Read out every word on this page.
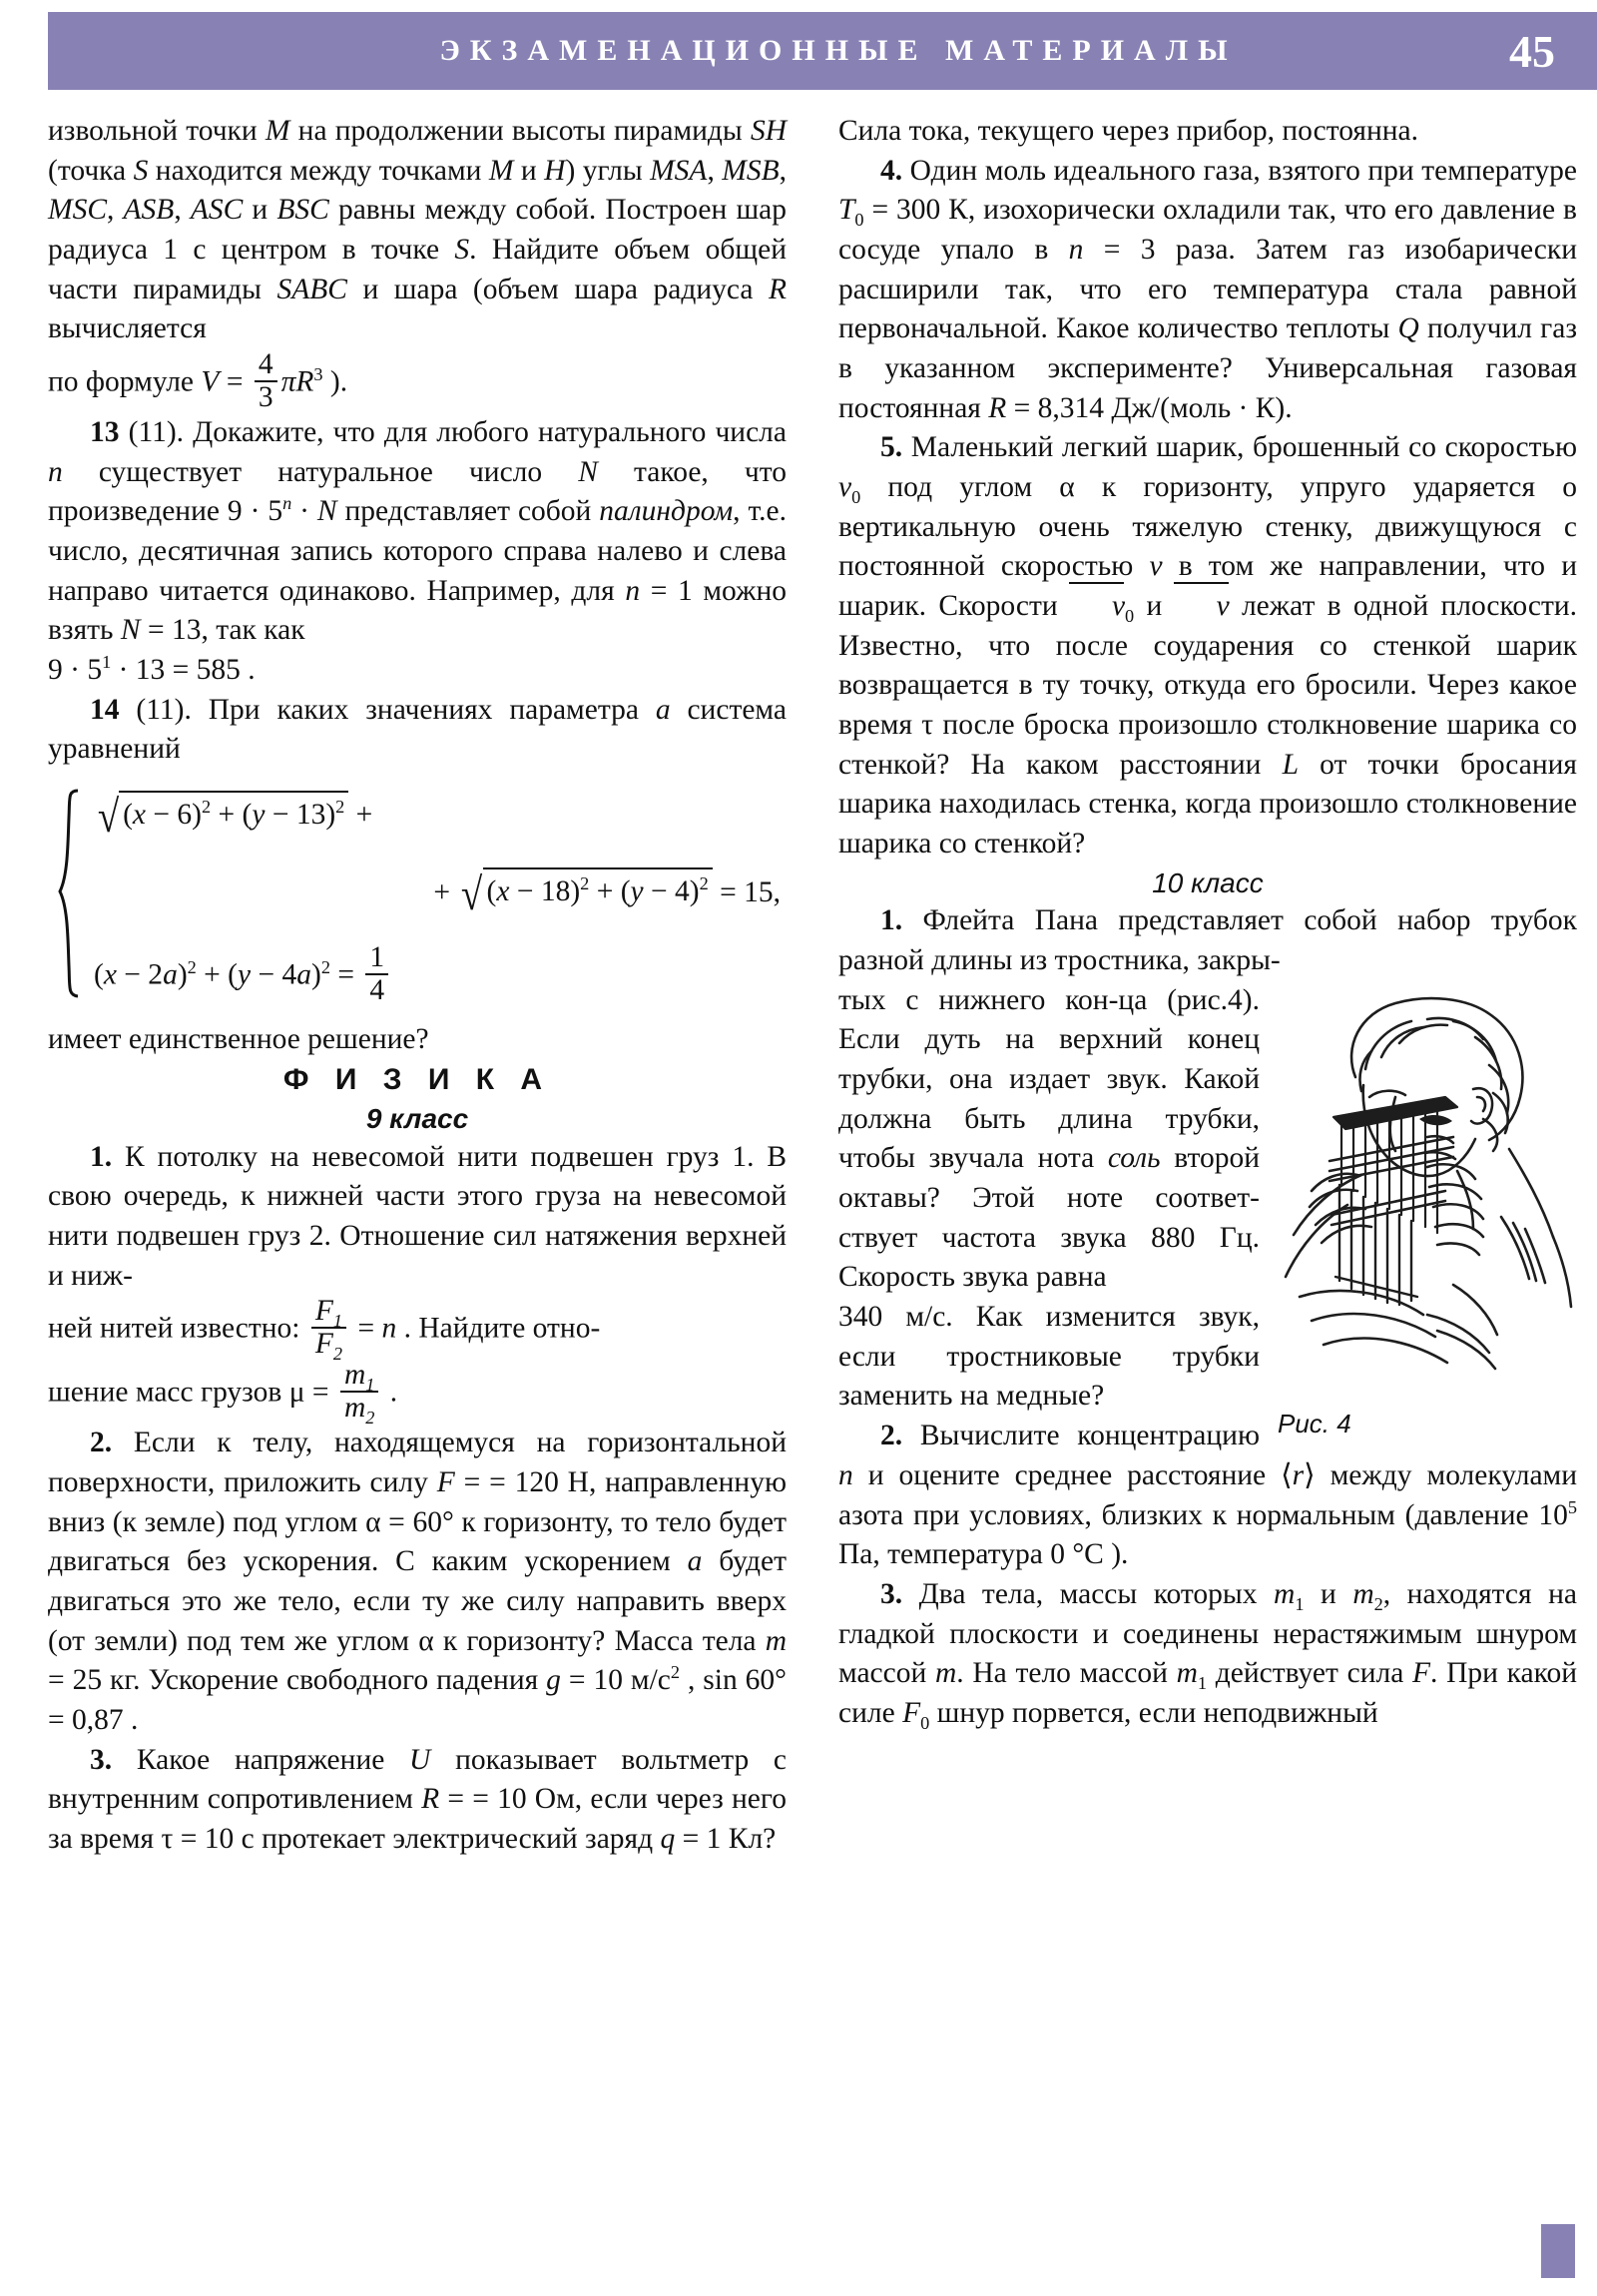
ЭКЗАМЕНАЦИОННЫЕ МАТЕРИАЛЫ	45

извольной точки M на продолжении высоты пирамиды SH (точка S находится между точками M и H) углы MSA, MSB, MSC, ASB, ASC и BSC равны между собой. Построен шар радиуса 1 с центром в точке S. Найдите объем общей части пирамиды SABC и шара (объем шара радиуса R вычисляется

по формуле $V = \frac{4}{3} \pi R^3$ ).

13 (11). Докажите, что для любого натурального числа n существует натуральное число N такое, что произведение $9 \cdot 5^n \cdot N$ представляет собой палиндром, т.е. число, десятичная запись которого справа налево и слева направо читается одинаково. Например, для n = 1 можно взять N = 13, так как

$9 \cdot 5^1 \cdot 13 = 585$ .

14 (11). При каких значениях параметра a система уравнений

√ $(x - 6)^2 + (y - 13)^2$ +
+ √ $(x - 18)^2 + (y - 4)^2 = 15$,
$(x - 2a)^2 + (y - 4a)^2 = \frac{1}{4}$

имеет единственное решение?

Ф И З И К А

9 класс

1. К потолку на невесомой нити подвешен груз 1. В свою очередь, к нижней части этого груза на невесомой нити подвешен груз 2. Отношение сил натяжения верхней и ниж-

ней нитей известно: $\frac{F_1}{F_2} = n$ . Найдите отно-

шение масс грузов $\mu = \frac{m_1}{m_2}$ .

2. Если к телу, находящемуся на горизонтальной поверхности, приложить силу F = = 120 Н, направленную вниз (к земле) под углом α = 60° к горизонту, то тело будет двигаться без ускорения. С каким ускорением a будет двигаться это же тело, если ту же силу направить вверх (от земли) под тем же углом α к горизонту? Масса тела m = 25 кг. Ускорение свободного падения g = 10 $м/с^2$ , sin 60° = 0,87 .

3. Какое напряжение U показывает вольтметр с внутренним сопротивлением R = = 10 Ом, если через него за время τ = 10 с протекает электрический заряд q = 1 Кл?

Сила тока, текущего через прибор, постоянна.

4. Один моль идеального газа, взятого при температуре $T_0 = 300$ К, изохорически охладили так, что его давление в сосуде упало в n = 3 раза. Затем газ изобарически расширили так, что его температура стала равной первоначальной. Какое количество теплоты Q получил газ в указанном эксперименте? Универсальная газовая постоянная R = 8,314 Дж/(моль · К).

5. Маленький легкий шарик, брошенный со скоростью $v_0$ под углом α к горизонту, упруго ударяется о вертикальную очень тяжелую стенку, движущуюся с постоянной скоростью v в том же направлении, что и шарик. Скорости $v_0$ и v лежат в одной плоскости. Известно, что после соударения со стенкой шарик возвращается в ту точку, откуда его бросили. Через какое время τ после броска произошло столкновение шарика со стенкой? На каком расстоянии L от точки бросания шарика находилась стенка, когда произошло столкновение шарика со стенкой?

10 класс

1. Флейта Пана представляет собой набор трубок разной длины из тростника, закры-

Рис. 4

тых с нижнего кон-ца (рис.4). Если дуть на верхний конец трубки, она издает звук. Какой должна быть длина трубки, чтобы звучала нота соль второй октавы? Этой ноте соответ-ствует частота звука 880 Гц. Скорость звука равна

340 м/с. Как изменится звук, если тростниковые трубки заменить на медные?

2. Вычислите концентрацию n и оцените среднее расстояние ⟨r⟩ между молекулами азота при условиях, близких к нормальным (давление $10^5$ Па, температура 0 °С ).

3. Два тела, массы которых $m_1$ и $m_2$, находятся на гладкой плоскости и соединены нерастяжимым шнуром массой m. На тело массой $m_1$ действует сила F. При какой силе $F_0$ шнур порвется, если неподвижный
